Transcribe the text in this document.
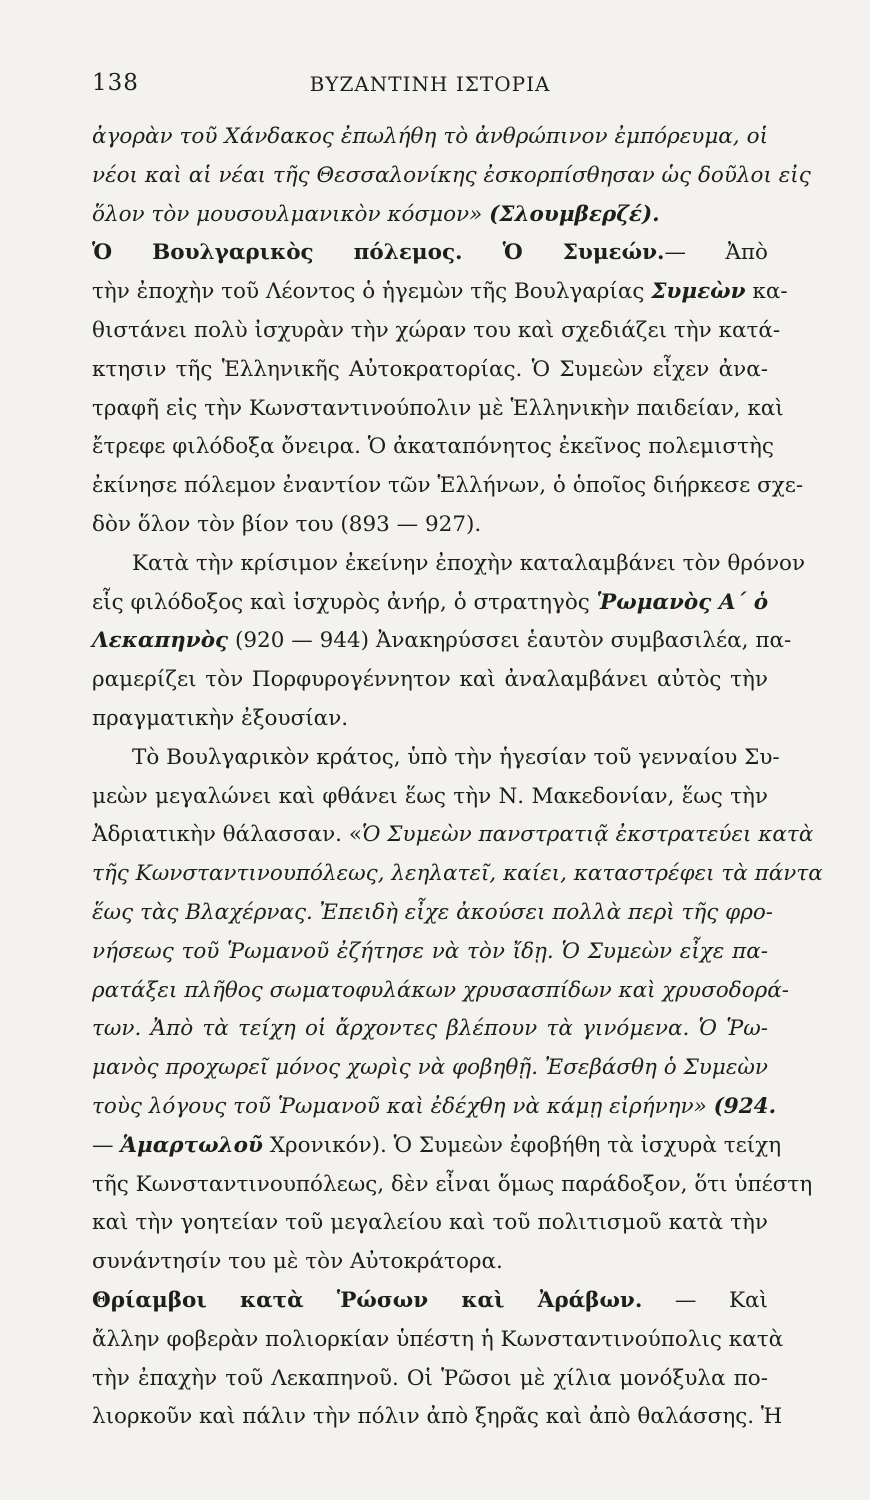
138	ΒΥΖΑΝΤΙΝΗ ΙΣΤΟΡΙΑ
ἀγορὰν τοῦ Χάνδακος ἐπωλήθη τὸ ἀνθρώπινον ἐμπόρευμα, οἱ
νέοι καὶ αἱ νέαι τῆς Θεσσαλονίκης ἐσκορπίσθησαν ὡς δοῦλοι εἰς
ὅλον τὸν μουσουλμανικὸν κόσμον» (Σλουμβερζέ).
Ὁ Βουλγαρικὸς πόλεμος. Ὁ Συμεών.— Ἀπὸ
τὴν ἐποχὴν τοῦ Λέοντος ὁ ἡγεμὼν τῆς Βουλγαρίας Συμεὼν κα-
θιστάνει πολὺ ἰσχυρὰν τὴν χώραν του καὶ σχεδιάζει τὴν κατά-
κτησιν τῆς Ἑλληνικῆς Αὐτοκρατορίας. Ὁ Συμεὼν εἶχεν ἀνα-
τραφῆ εἰς τὴν Κωνσταντινούπολιν μὲ Ἑλληνικὴν παιδείαν, καὶ
ἔτρεφε φιλόδοξα ὄνειρα. Ὁ ἀκαταπόνητος ἐκεῖνος πολεμιστὴς
ἐκίνησε πόλεμον ἐναντίον τῶν Ἑλλήνων, ὁ ὁποῖος διήρκεσε σχε-
δὸν ὅλον τὸν βίον του (893 — 927).
Κατὰ τὴν κρίσιμον ἐκείνην ἐποχὴν καταλαμβάνει τὸν θρόνον
εἷς φιλόδοξος καὶ ἰσχυρὸς ἀνήρ, ὁ στρατηγὸς Ῥωμανὸς Α΄ ὁ
Λεκαπηνὸς (920 — 944) Ἀνακηρύσσει ἑαυτὸν συμβασιλέα, πα-
ραμερίζει τὸν Πορφυρογέννητον καὶ ἀναλαμβάνει αὐτὸς τὴν
πραγματικὴν ἐξουσίαν.
Τὸ Βουλγαρικὸν κράτος, ὑπὸ τὴν ἡγεσίαν τοῦ γενναίου Συ-
μεὼν μεγαλώνει καὶ φθάνει ἕως τὴν Ν. Μακεδονίαν, ἕως τὴν
Ἀδριατικὴν θάλασσαν. «Ὁ Συμεὼν πανστρατιᾷ ἐκστρατεύει κατὰ
τῆς Κωνσταντινουπόλεως, λεηλατεῖ, καίει, καταστρέφει τὰ πάντα
ἕως τὰς Βλαχέρνας. Ἐπειδὴ εἶχε ἀκούσει πολλὰ περὶ τῆς φρο-
νήσεως τοῦ Ῥωμανοῦ ἐζήτησε νὰ τὸν ἴδῃ. Ὁ Συμεὼν εἶχε πα-
ρατάξει πλῆθος σωματοφυλάκων χρυσασπίδων καὶ χρυσοδορά-
των. Ἀπὸ τὰ τείχη οἱ ἄρχοντες βλέπουν τὰ γινόμενα. Ὁ Ῥω-
μανὸς προχωρεῖ μόνος χωρὶς νὰ φοβηθῇ. Ἐσεβάσθη ὁ Συμεὼν
τοὺς λόγους τοῦ Ῥωμανοῦ καὶ ἐδέχθη νὰ κάμῃ εἰρήνην» (924.
— Ἁμαρτωλοῦ Χρονικόν). Ὁ Συμεὼν ἐφοβήθη τὰ ἰσχυρὰ τείχη
τῆς Κωνσταντινουπόλεως, δὲν εἶναι ὅμως παράδοξον, ὅτι ὑπέστη
καὶ τὴν γοητείαν τοῦ μεγαλείου καὶ τοῦ πολιτισμοῦ κατὰ τὴν
συνάντησίν του μὲ τὸν Αὐτοκράτορα.
Θρίαμβοι κατὰ Ῥώσων καὶ Ἀράβων. — Καὶ
ἄλλην φοβερὰν πολιορκίαν ὑπέστη ἡ Κωνσταντινούπολις κατὰ
τὴν ἐπαχὴν τοῦ Λεκαπηνοῦ. Οἱ Ῥῶσοι μὲ χίλια μονόξυλα πο-
λιορκοῦν καὶ πάλιν τὴν πόλιν ἀπὸ ξηρᾶς καὶ ἀπὸ θαλάσσης. Ἡ
